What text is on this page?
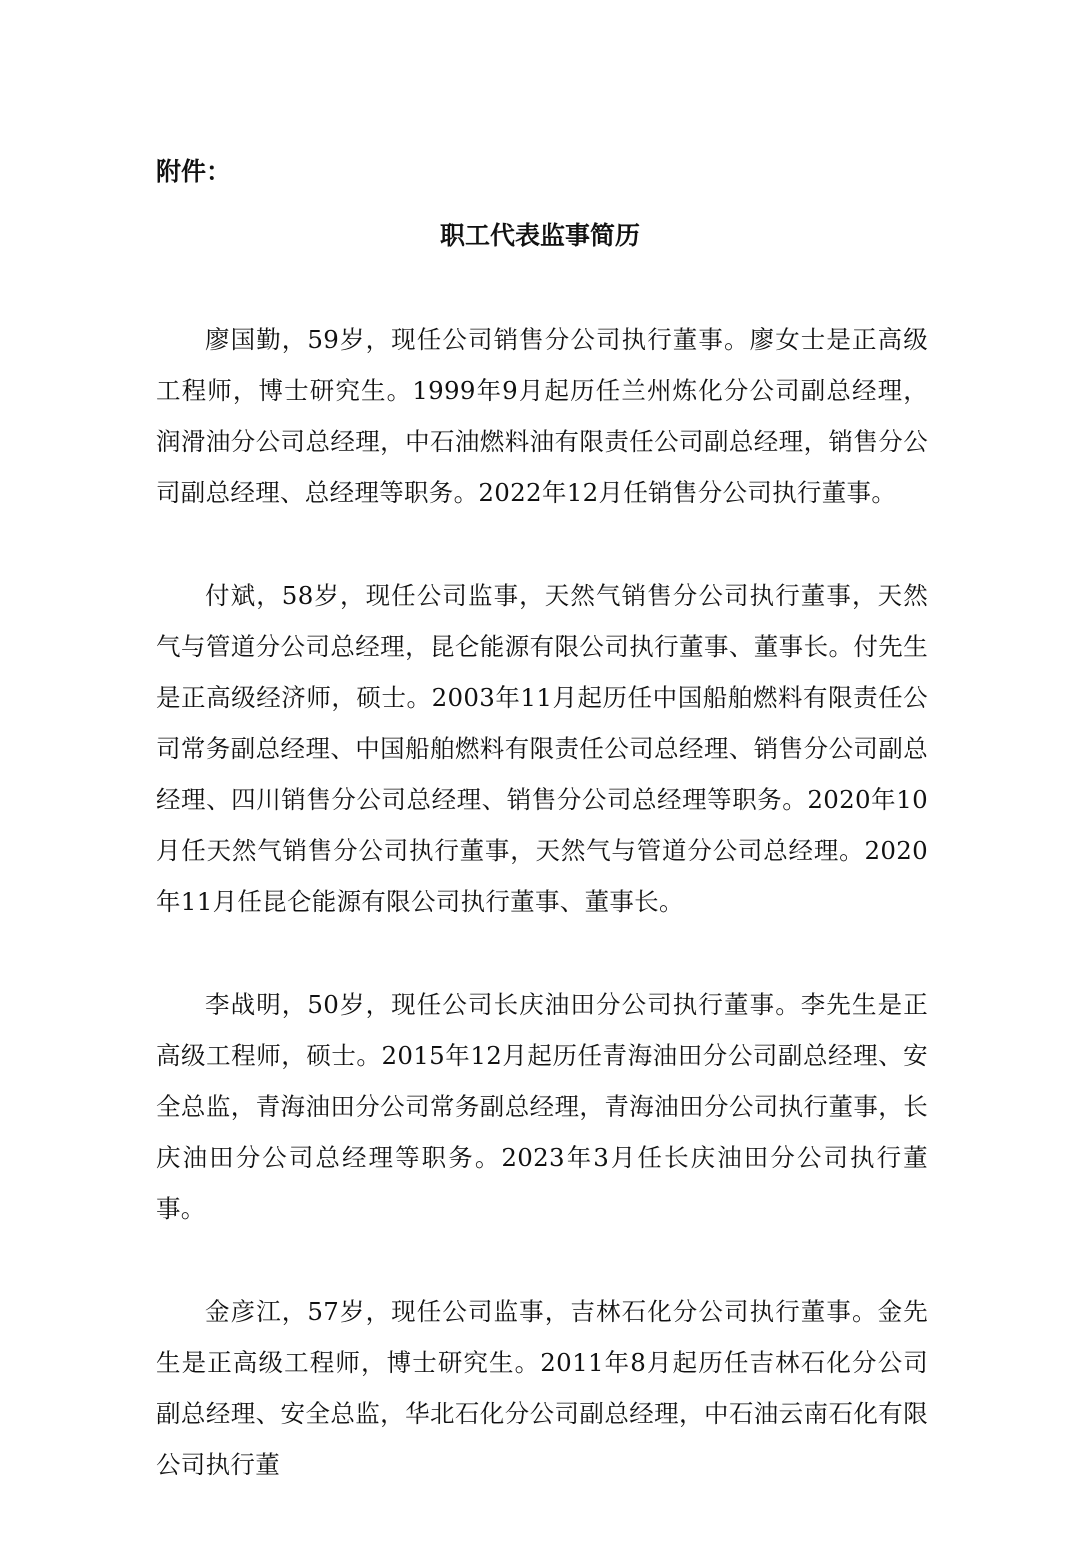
附件：

职工代表监事简历

廖国勤，59岁，现任公司销售分公司执行董事。廖女士是正高级工程师，博士研究生。1999年9月起历任兰州炼化分公司副总经理，润滑油分公司总经理，中石油燃料油有限责任公司副总经理，销售分公司副总经理、总经理等职务。2022年12月任销售分公司执行董事。

付斌，58岁，现任公司监事，天然气销售分公司执行董事，天然气与管道分公司总经理，昆仑能源有限公司执行董事、董事长。付先生是正高级经济师，硕士。2003年11月起历任中国船舶燃料有限责任公司常务副总经理、中国船舶燃料有限责任公司总经理、销售分公司副总经理、四川销售分公司总经理、销售分公司总经理等职务。2020年10月任天然气销售分公司执行董事，天然气与管道分公司总经理。2020年11月任昆仑能源有限公司执行董事、董事长。

李战明，50岁，现任公司长庆油田分公司执行董事。李先生是正高级工程师，硕士。2015年12月起历任青海油田分公司副总经理、安全总监，青海油田分公司常务副总经理，青海油田分公司执行董事，长庆油田分公司总经理等职务。2023年3月任长庆油田分公司执行董事。

金彦江，57岁，现任公司监事，吉林石化分公司执行董事。金先生是正高级工程师，博士研究生。2011年8月起历任吉林石化分公司副总经理、安全总监，华北石化分公司副总经理，中石油云南石化有限公司执行董
